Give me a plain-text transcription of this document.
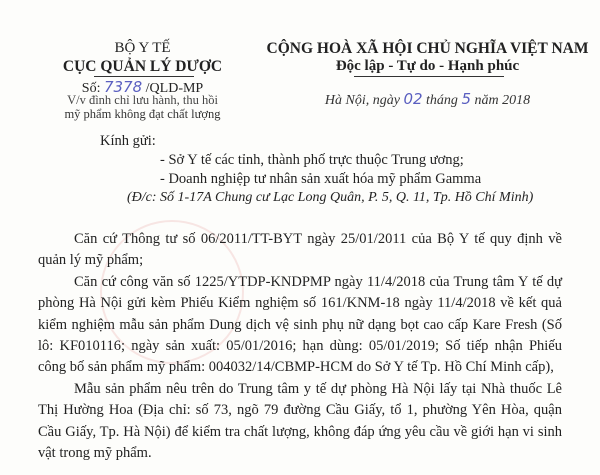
BỘ Y TẾ
CỤC QUẢN LÝ DƯỢC
Số: 7378 /QLD-MP
V/v đình chỉ lưu hành, thu hồi
mỹ phẩm không đạt chất lượng
CỘNG HOÀ XÃ HỘI CHỦ NGHĨA VIỆT NAM
Độc lập - Tự do - Hạnh phúc
Hà Nội, ngày 02 tháng 5 năm 2018
Kính gửi:
- Sở Y tế các tỉnh, thành phố trực thuộc Trung ương;
- Doanh nghiệp tư nhân sản xuất hóa mỹ phẩm Gamma
(Đ/c: Số 1-17A Chung cư Lạc Long Quân, P. 5, Q. 11, Tp. Hồ Chí Minh)
Căn cứ Thông tư số 06/2011/TT-BYT ngày 25/01/2011 của Bộ Y tế quy định về quản lý mỹ phẩm;
Căn cứ công văn số 1225/YTDP-KNDPMP ngày 11/4/2018 của Trung tâm Y tế dự phòng Hà Nội gửi kèm Phiếu Kiểm nghiệm số 161/KNM-18 ngày 11/4/2018 về kết quả kiểm nghiệm mẫu sản phẩm Dung dịch vệ sinh phụ nữ dạng bọt cao cấp Kare Fresh (Số lô: KF010116; ngày sản xuất: 05/01/2016; hạn dùng: 05/01/2019; Số tiếp nhận Phiếu công bố sản phẩm mỹ phẩm: 004032/14/CBMP-HCM do Sở Y tế Tp. Hồ Chí Minh cấp),
Mẫu sản phẩm nêu trên do Trung tâm y tế dự phòng Hà Nội lấy tại Nhà thuốc Lê Thị Hường Hoa (Địa chỉ: số 73, ngõ 79 đường Cầu Giấy, tổ 1, phường Yên Hòa, quận Cầu Giấy, Tp. Hà Nội) để kiểm tra chất lượng, không đáp ứng yêu cầu về giới hạn vi sinh vật trong mỹ phẩm.
